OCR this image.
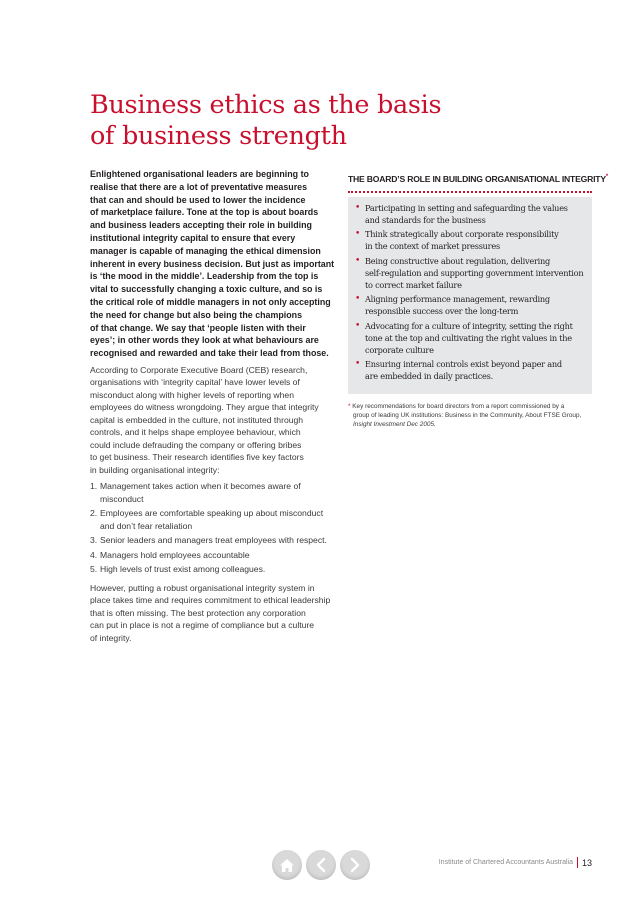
Business ethics as the basis
of business strength

Enlightened organisational leaders are beginning to
realise that there are a lot of preventative measures
that can and should be used to lower the incidence
of marketplace failure. Tone at the top is about boards
and business leaders accepting their role in building
institutional integrity capital to ensure that every
manager is capable of managing the ethical dimension
inherent in every business decision. But just as important
is ‘the mood in the middle’. Leadership from the top is
vital to successfully changing a toxic culture, and so is
the critical role of middle managers in not only accepting
the need for change but also being the champions
of that change. We say that ‘people listen with their
eyes’; in other words they look at what behaviours are
recognised and rewarded and take their lead from those.

According to Corporate Executive Board (CEB) research,
organisations with ‘integrity capital’ have lower levels of
misconduct along with higher levels of reporting when
employees do witness wrongdoing. They argue that integrity
capital is embedded in the culture, not instituted through
controls, and it helps shape employee behaviour, which
could include defrauding the company or offering bribes
to get business. Their research identifies five key factors
in building organisational integrity:

1. Management takes action when it becomes aware of
misconduct
2. Employees are comfortable speaking up about misconduct
and don’t fear retaliation
3. Senior leaders and managers treat employees with respect.
4. Managers hold employees accountable
5. High levels of trust exist among colleagues.

However, putting a robust organisational integrity system in
place takes time and requires commitment to ethical leadership
that is often missing. The best protection any corporation
can put in place is not a regime of compliance but a culture
of integrity.

THE BOARD’S ROLE IN BUILDING ORGANISATIONAL INTEGRITY*

• Participating in setting and safeguarding the values
and standards for the business
• Think strategically about corporate responsibility
in the context of market pressures
• Being constructive about regulation, delivering
self-regulation and supporting government intervention
to correct market failure
• Aligning performance management, rewarding
responsible success over the long-term
• Advocating for a culture of integrity, setting the right
tone at the top and cultivating the right values in the
corporate culture
• Ensuring internal controls exist beyond paper and
are embedded in daily practices.
* Key recommendations for board directors from a report commissioned by a
group of leading UK institutions: Business in the Community, About FTSE Group,
Insight Investment Dec 2005.
Institute of Chartered Accountants Australia 13
